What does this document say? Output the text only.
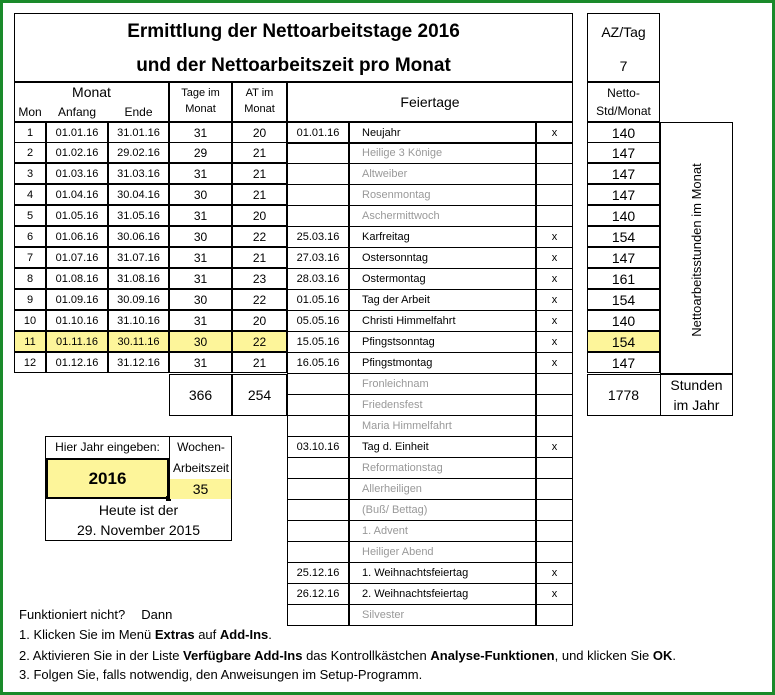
Ermittlung der Nettoarbeitstage 2016
und der Nettoarbeitszeit pro Monat
AZ/Tag
7
Monat
Mon	Anfang	Ende
Tage im
Monat
AT im
Monat	Feiertage
Netto-
Std/Monat
Nettoarbeitsstunden im Monat
366	254	1778
Stunden
im Jahr
Hier Jahr eingeben:
2016
Wochen-
Arbeitszeit
35
Heute ist der
29. November 2015
Funktioniert nicht? Dann
1. Klicken Sie im Menü Extras auf Add-Ins.
2. Aktivieren Sie in der Liste Verfügbare Add-Ins das Kontrollkästchen Analyse-Funktionen, und klicken Sie OK.
3. Folgen Sie, falls notwendig, den Anweisungen im Setup-Programm.
1	01.01.16	31.01.16	31	20	140
2	01.02.16	29.02.16	29	21	147
3	01.03.16	31.03.16	31	21	147
4	01.04.16	30.04.16	30	21	147
5	01.05.16	31.05.16	31	20	140
6	01.06.16	30.06.16	30	22	154
7	01.07.16	31.07.16	31	21	147
8	01.08.16	31.08.16	31	23	161
9	01.09.16	30.09.16	30	22	154
10	01.10.16	31.10.16	31	20	140
11	01.11.16	30.11.16	30	22	154
12	01.12.16	31.12.16	31	21	147
01.01.16	Neujahr	x
Heilige 3 Könige
Altweiber
Rosenmontag
Aschermittwoch
25.03.16	Karfreitag	x
27.03.16	Ostersonntag	x
28.03.16	Ostermontag	x
01.05.16	Tag der Arbeit	x
05.05.16	Christi Himmelfahrt	x
15.05.16	Pfingstsonntag	x
16.05.16	Pfingstmontag	x
Fronleichnam
Friedensfest
Maria Himmelfahrt
03.10.16	Tag d. Einheit	x
Reformationstag
Allerheiligen
(Buß/ Bettag)
1. Advent
Heiliger Abend
25.12.16	1. Weihnachtsfeiertag	x
26.12.16	2. Weihnachtsfeiertag	x
Silvester
